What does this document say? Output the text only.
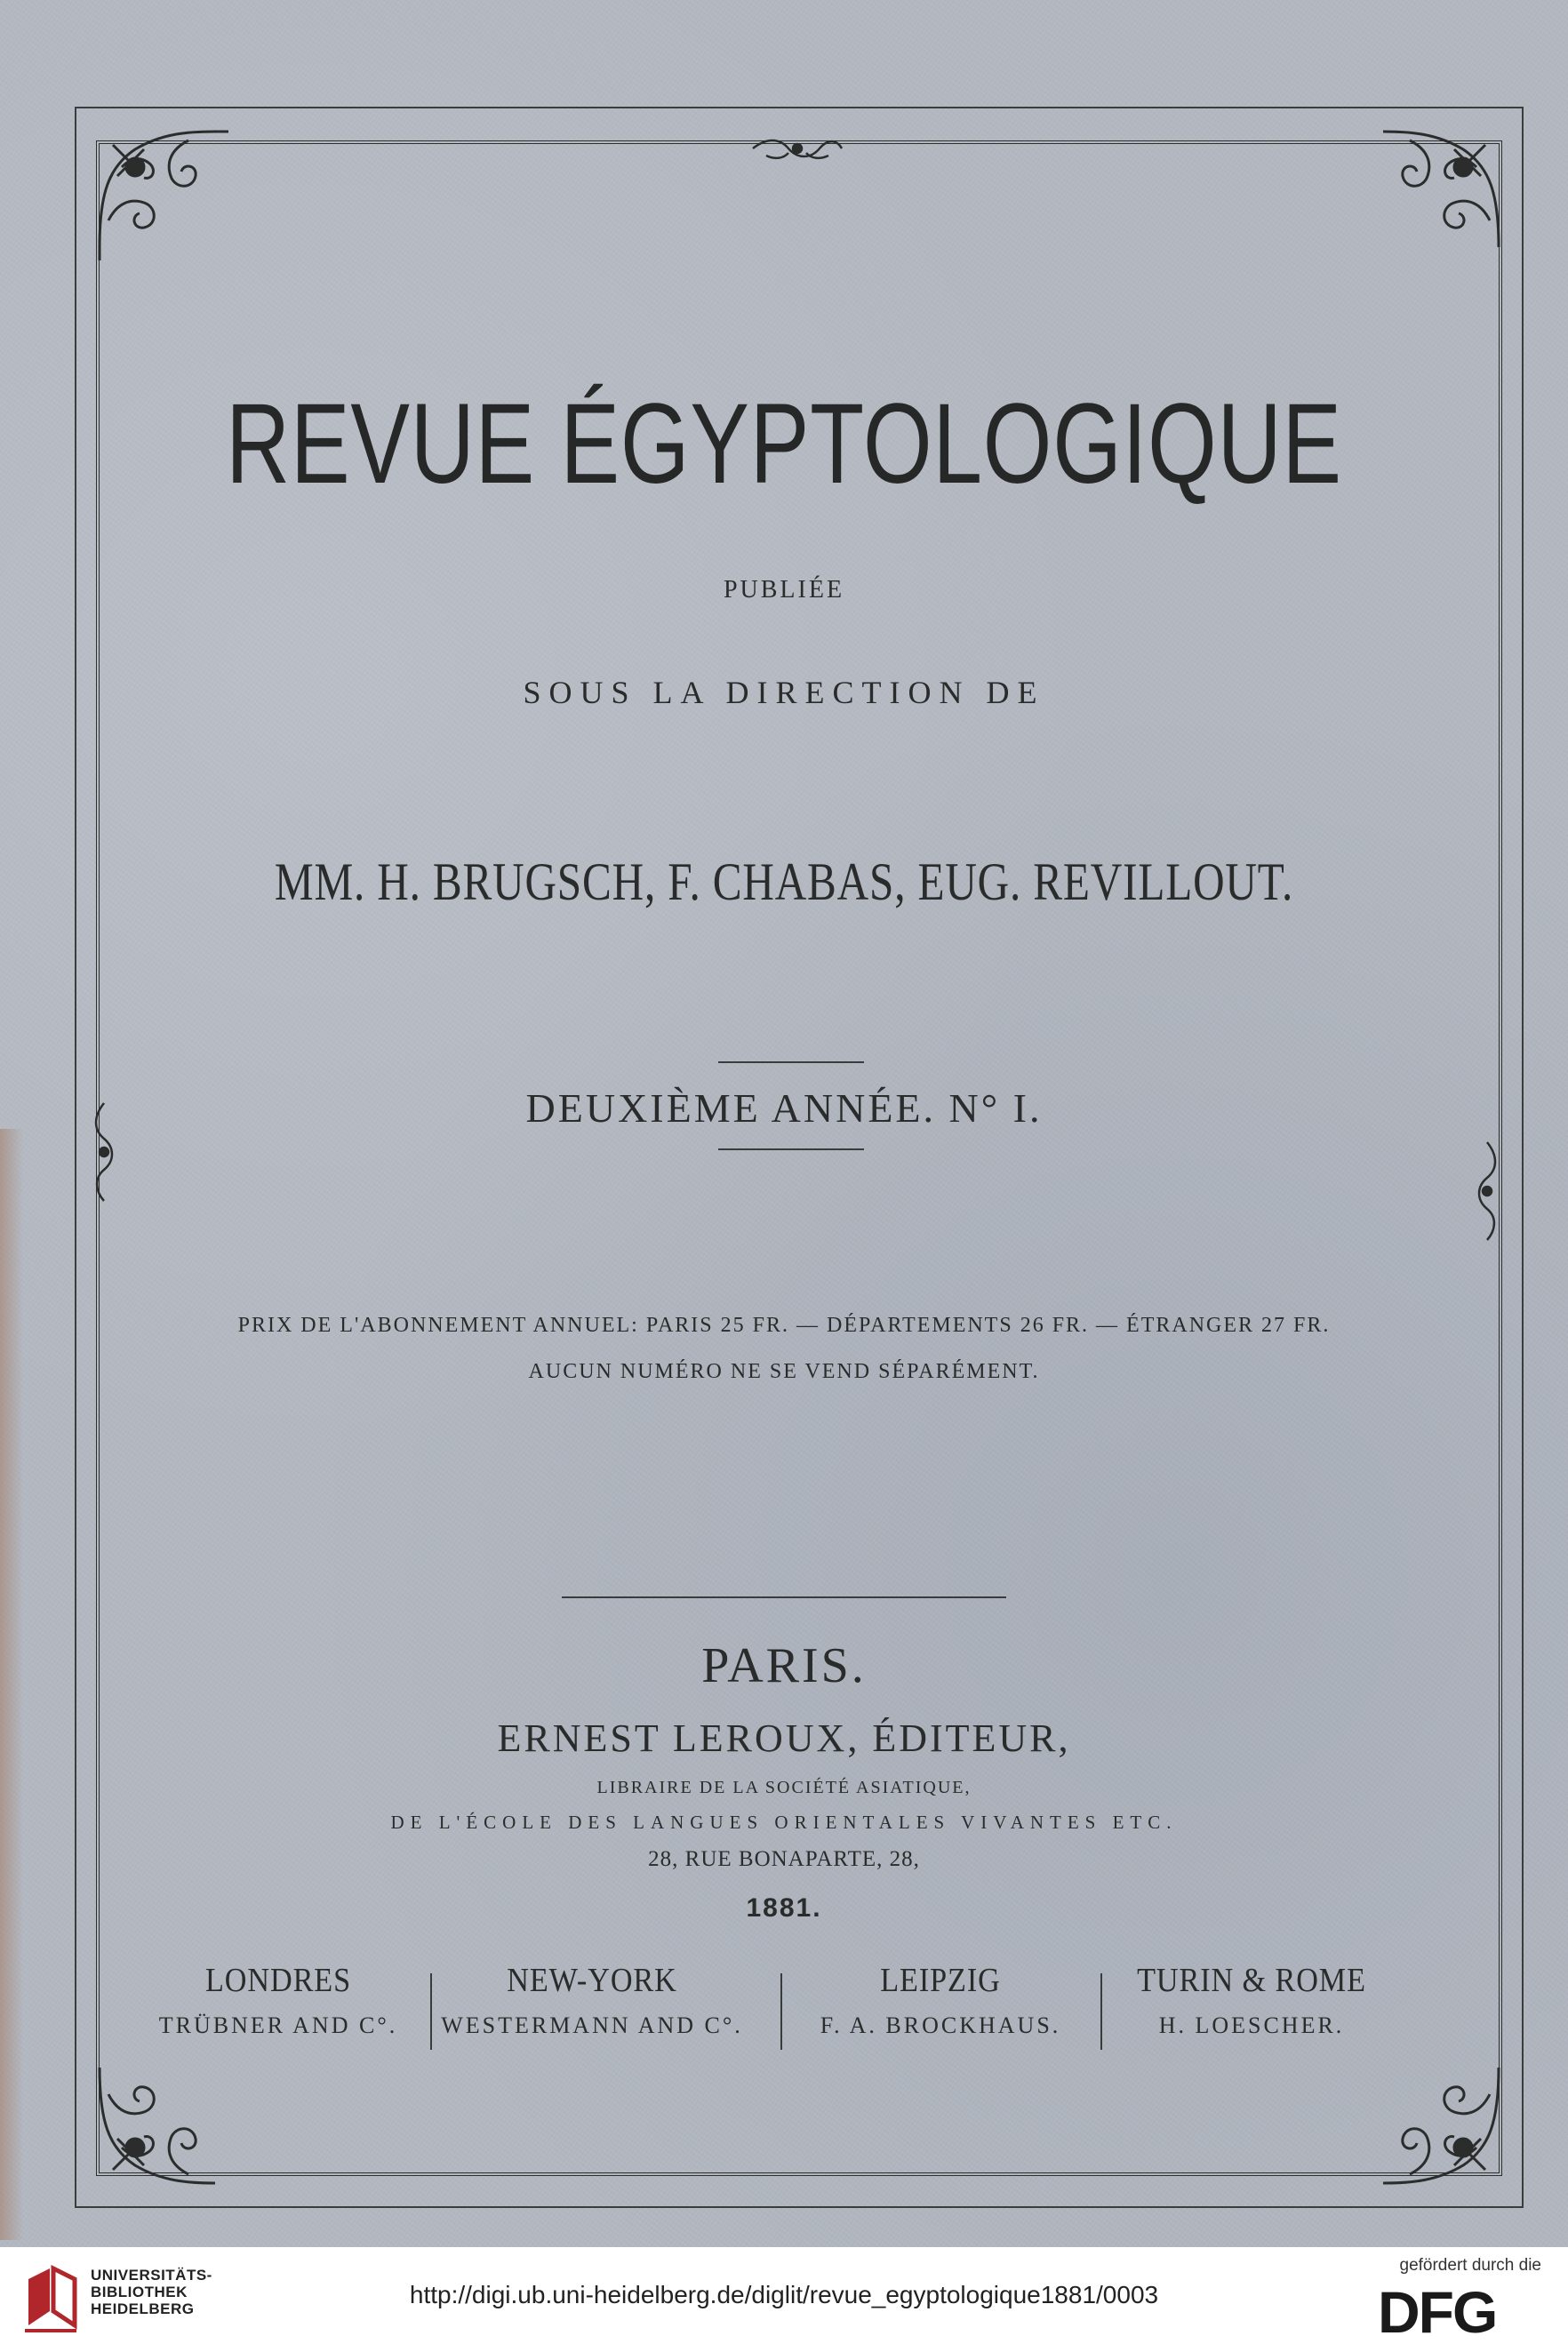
REVUE ÉGYPTOLOGIQUE
PUBLIÉE
SOUS LA DIRECTION DE
MM. H. BRUGSCH, F. CHABAS, EUG. REVILLOUT.
DEUXIÈME ANNÉE. N° I.
PRIX DE L'ABONNEMENT ANNUEL: PARIS 25 FR. — DÉPARTEMENTS 26 FR. — ÉTRANGER 27 FR.
AUCUN NUMÉRO NE SE VEND SÉPARÉMENT.
PARIS.
ERNEST LEROUX, ÉDITEUR,
LIBRAIRE DE LA SOCIÉTÉ ASIATIQUE,
DE L'ÉCOLE DES LANGUES ORIENTALES VIVANTES ETC.
28, RUE BONAPARTE, 28,
1881.
LONDRES
TRÜBNER AND C°.
NEW-YORK
WESTERMANN AND C°.
LEIPZIG
F. A. BROCKHAUS.
TURIN & ROME
H. LOESCHER.
UNIVERSITÄTS-
BIBLIOTHEK
HEIDELBERG
http://digi.ub.uni-heidelberg.de/diglit/revue_egyptologique1881/0003
gefördert durch die
DFG
